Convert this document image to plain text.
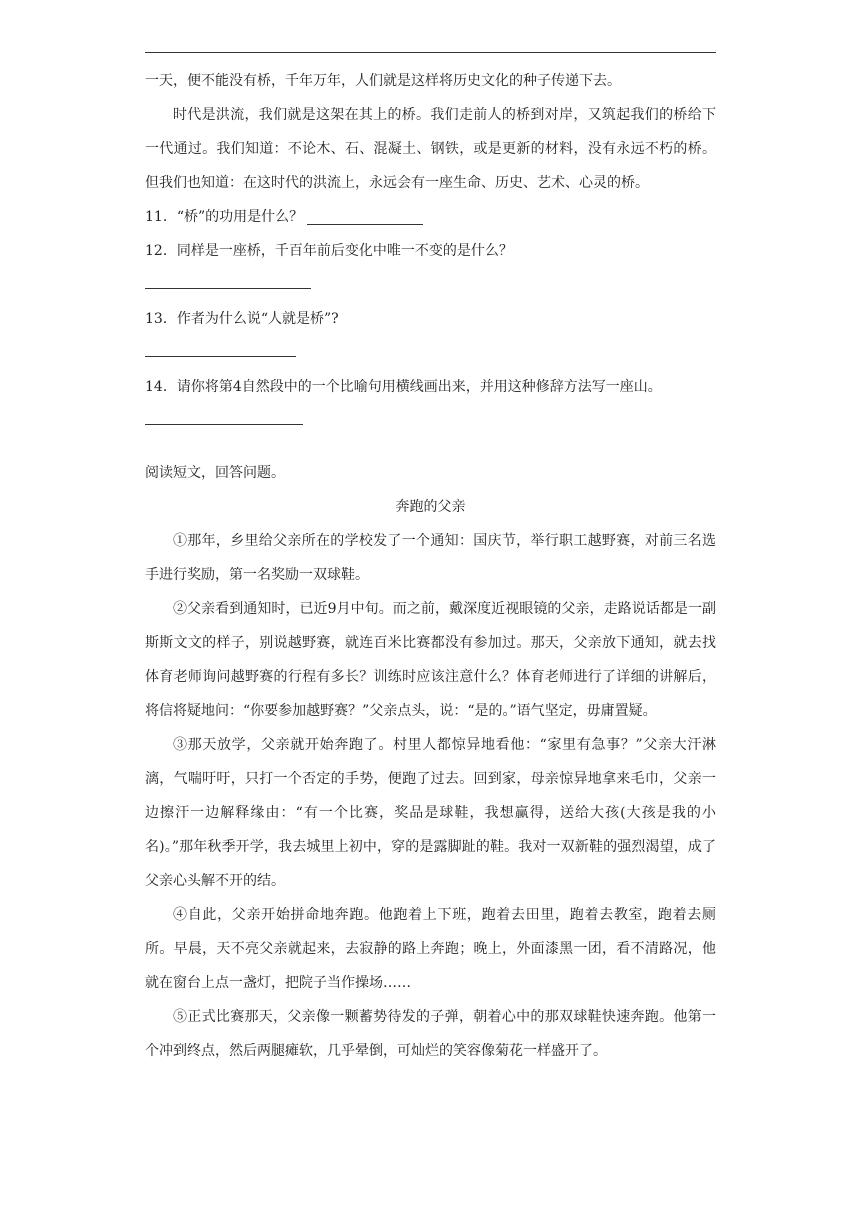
一天，便不能没有桥，千年万年，人们就是这样将历史文化的种子传递下去。

时代是洪流，我们就是这架在其上的桥。我们走前人的桥到对岸，又筑起我们的桥给下一代通过。我们知道：不论木、石、混凝土、钢铁，或是更新的材料，没有永远不朽的桥。但我们也知道：在这时代的洪流上，永远会有一座生命、历史、艺术、心灵的桥。

11．“桥”的功用是什么？

12．同样是一座桥，千百年前后变化中唯一不变的是什么？

13．作者为什么说“人就是桥”?

14．请你将第4自然段中的一个比喻句用横线画出来，并用这种修辞方法写一座山。

阅读短文，回答问题。

奔跑的父亲

①那年，乡里给父亲所在的学校发了一个通知：国庆节，举行职工越野赛，对前三名选手进行奖励，第一名奖励一双球鞋。

②父亲看到通知时，已近9月中旬。而之前，戴深度近视眼镜的父亲，走路说话都是一副斯斯文文的样子，别说越野赛，就连百米比赛都没有参加过。那天，父亲放下通知，就去找体育老师询问越野赛的行程有多长？训练时应该注意什么？体育老师进行了详细的讲解后，将信将疑地问：“你要参加越野赛？”父亲点头，说：“是的。”语气坚定，毋庸置疑。

③那天放学，父亲就开始奔跑了。村里人都惊异地看他：“家里有急事？”父亲大汗淋漓，气喘吁吁，只打一个否定的手势，便跑了过去。回到家，母亲惊异地拿来毛巾，父亲一边擦汗一边解释缘由：“有一个比赛，奖品是球鞋，我想赢得，送给大孩(大孩是我的小名)。”那年秋季开学，我去城里上初中，穿的是露脚趾的鞋。我对一双新鞋的强烈渴望，成了父亲心头解不开的结。

④自此，父亲开始拼命地奔跑。他跑着上下班，跑着去田里，跑着去教室，跑着去厕所。早晨，天不亮父亲就起来，去寂静的路上奔跑；晚上，外面漆黑一团，看不清路况，他就在窗台上点一盏灯，把院子当作操场……

⑤正式比赛那天，父亲像一颗蓄势待发的子弹，朝着心中的那双球鞋快速奔跑。他第一个冲到终点，然后两腿瘫软，几乎晕倒，可灿烂的笑容像菊花一样盛开了。
